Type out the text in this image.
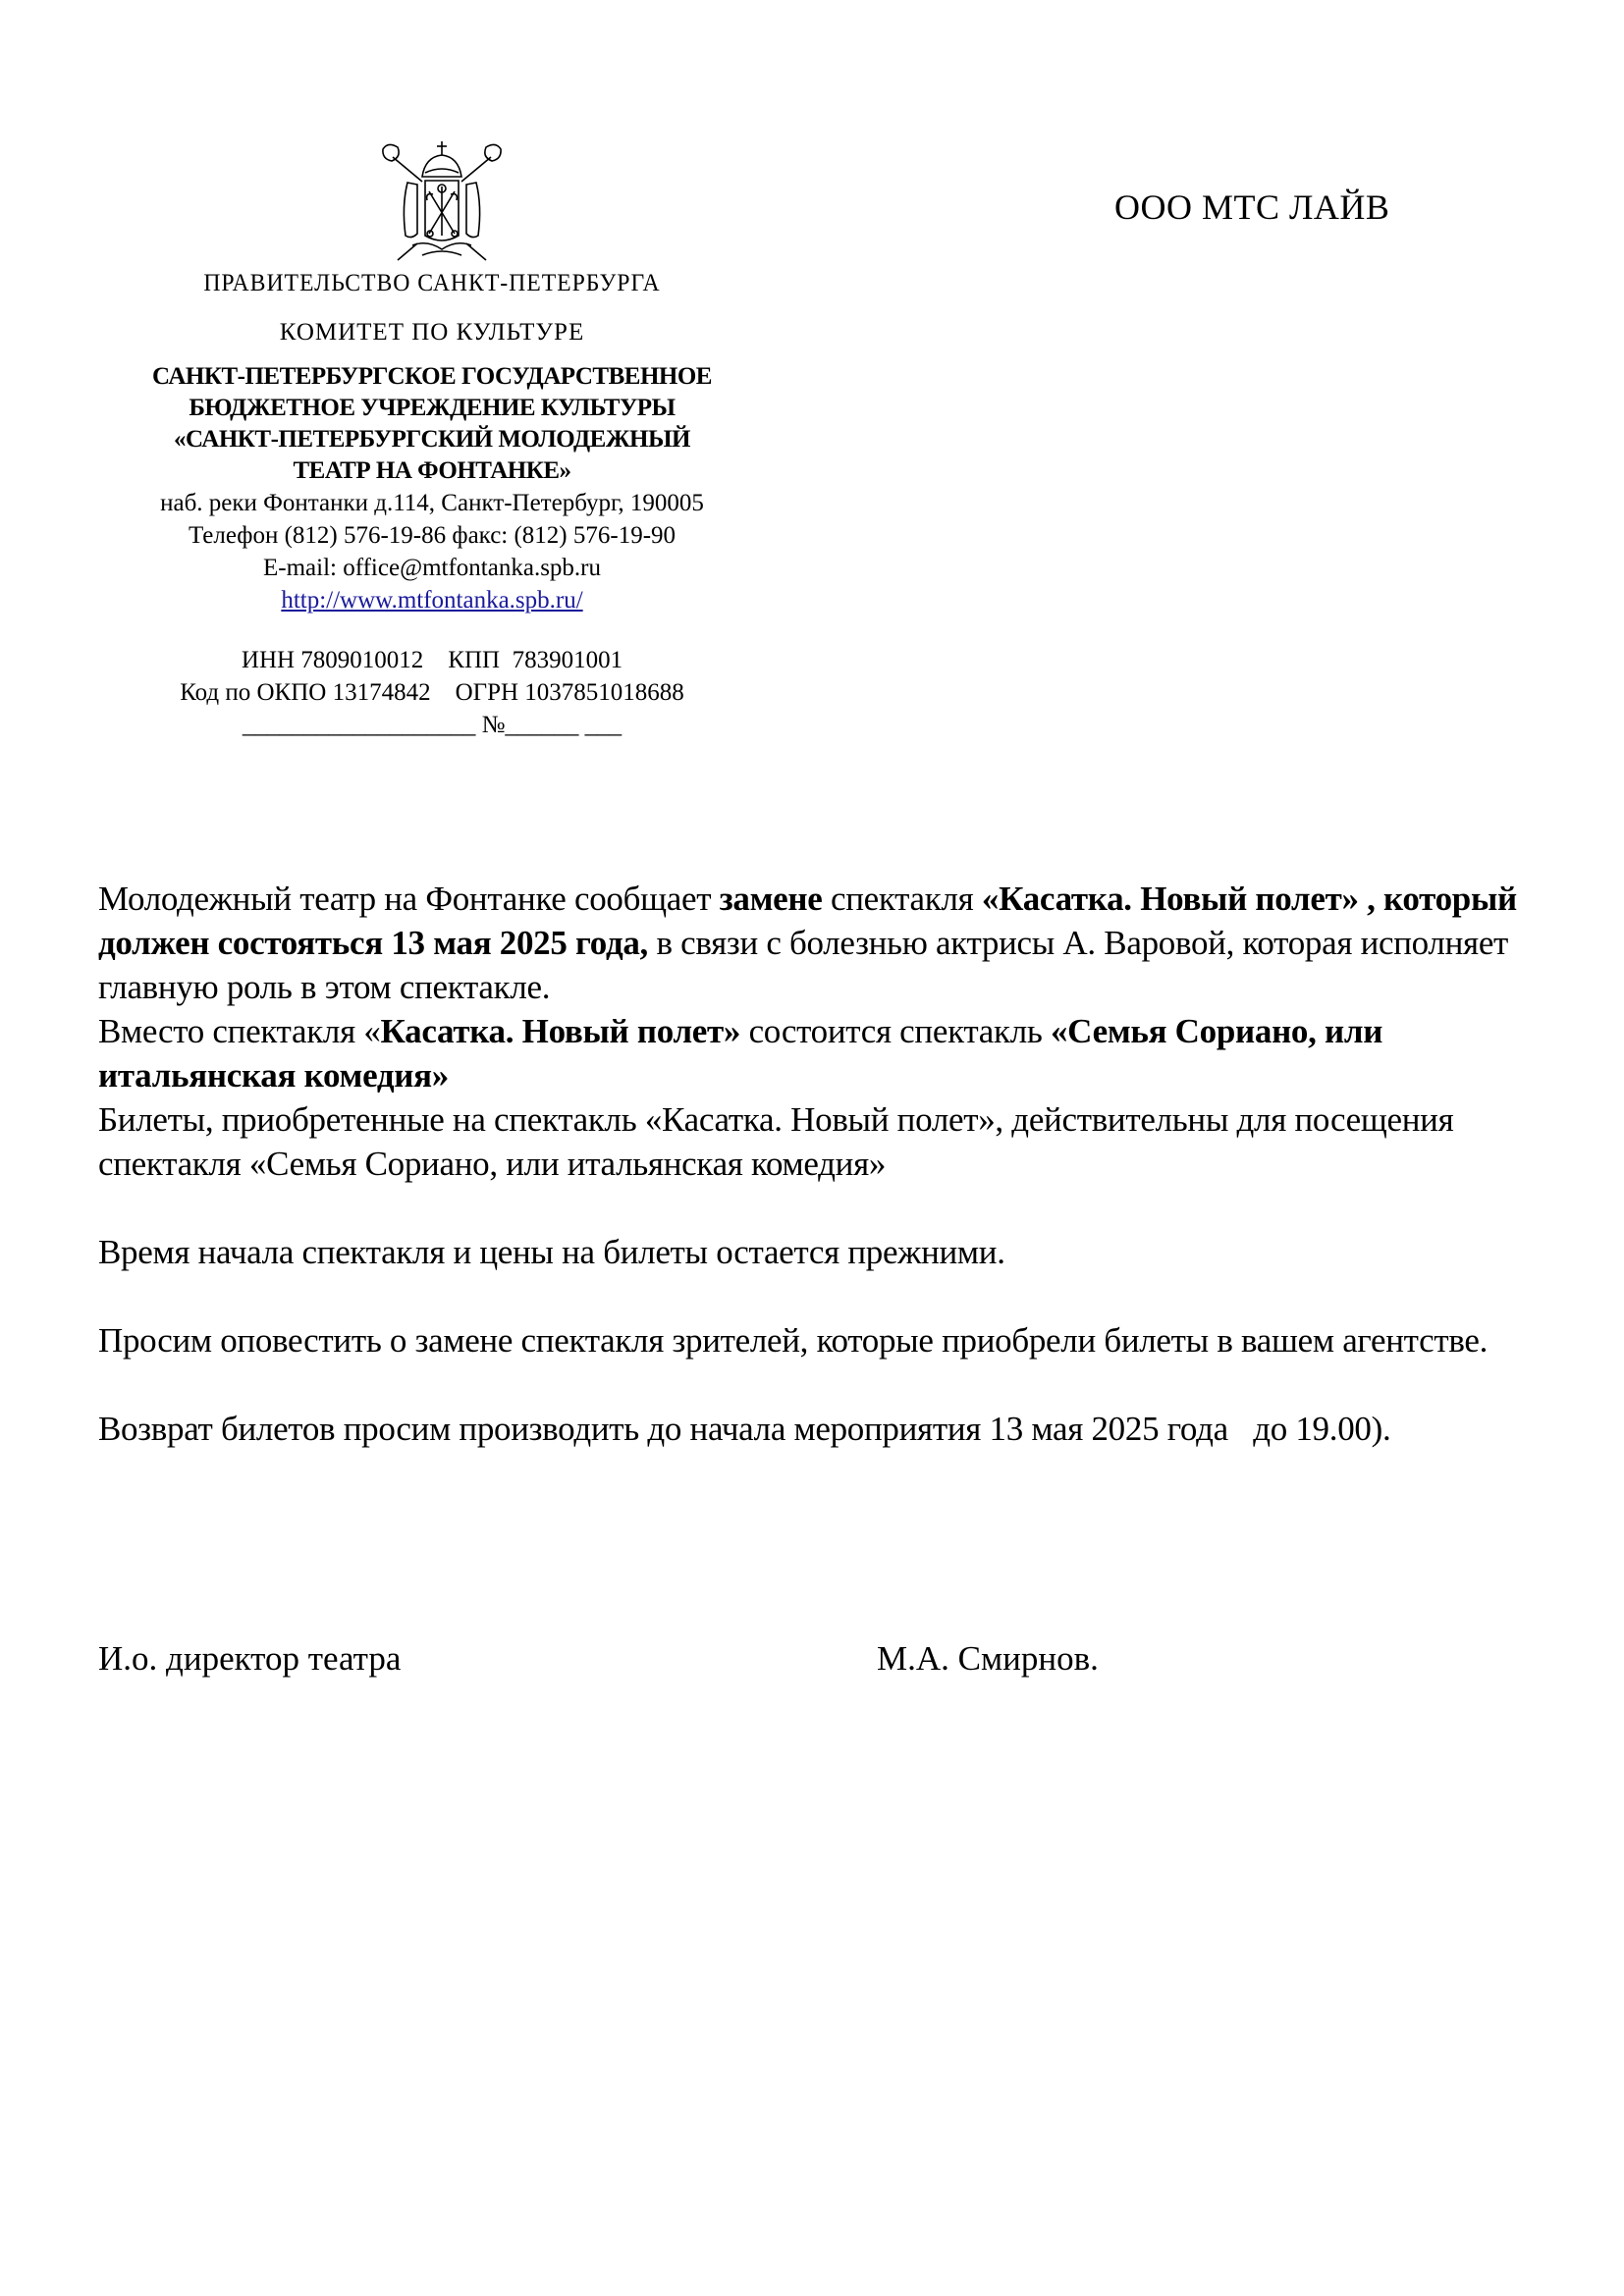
ООО МТС ЛАЙВ
ПРАВИТЕЛЬСТВО САНКТ-ПЕТЕРБУРГА
КОМИТЕТ ПО КУЛЬТУРЕ
САНКТ-ПЕТЕРБУРГСКОЕ ГОСУДАРСТВЕННОЕ
БЮДЖЕТНОЕ УЧРЕЖДЕНИЕ КУЛЬТУРЫ
«САНКТ-ПЕТЕРБУРГСКИЙ МОЛОДЕЖНЫЙ
ТЕАТР НА ФОНТАНКЕ»
наб. реки Фонтанки д.114, Санкт-Петербург, 190005
Телефон (812) 576-19-86 факс: (812) 576-19-90
E-mail: office@mtfontanka.spb.ru
http://www.mtfontanka.spb.ru/
ИНН 7809010012    КПП  783901001
Код по ОКПО 13174842    ОГРН 1037851018688
___________________ №______ ___

Молодежный театр на Фонтанке сообщает замене спектакля «Касатка. Новый полет» , который должен состояться 13 мая 2025 года, в связи с болезнью актрисы А. Варовой, которая исполняет главную роль в этом спектакле.

Вместо спектакля «Касатка. Новый полет» состоится спектакль «Семья Сориано, или итальянская комедия»

Билеты, приобретенные на спектакль «Касатка. Новый полет», действительны для посещения спектакля «Семья Сориано, или итальянская комедия»

Время начала спектакля и цены на билеты остается прежними.

Просим оповестить о замене спектакля зрителей, которые приобрели билеты в вашем агентстве.

Возврат билетов просим производить до начала мероприятия 13 мая 2025 года   до 19.00).

И.о. директор театра	М.А. Смирнов.
